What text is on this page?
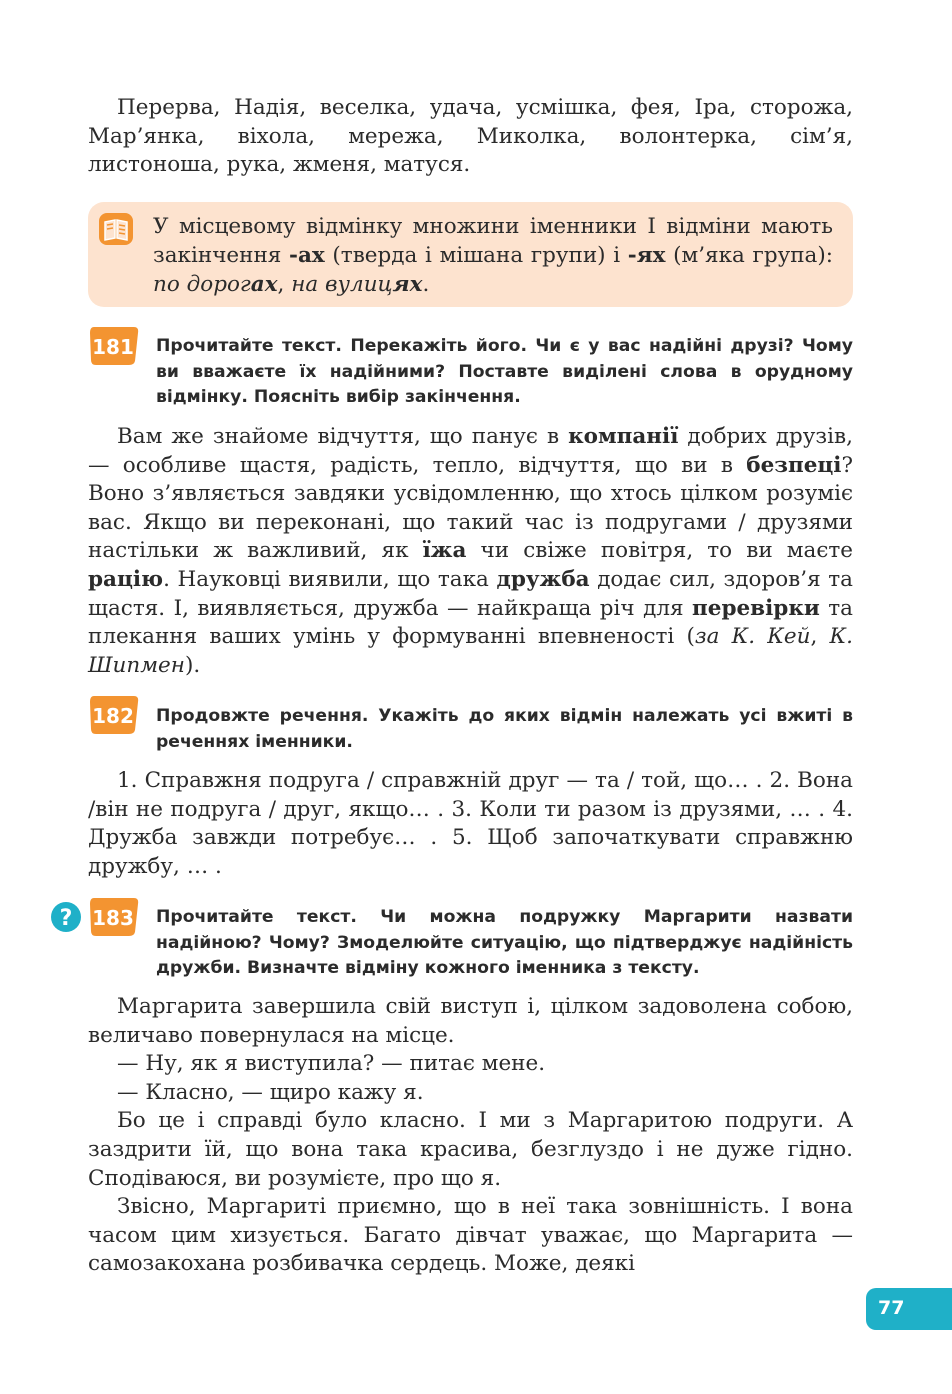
Перерва, Надія, веселка, удача, усмішка, фея, Іра, сторожа, Мар’янка, віхола, мережа, Миколка, волонтерка, сім’я, листоноша, рука, жменя, матуся.

У місцевому відмінку множини іменники І відміни мають закінчення -ах (тверда і мішана групи) і -ях (м’яка група): по дорогах, на вулицях.
181 Прочитайте текст. Перекажіть його. Чи є у вас надійні друзі? Чому ви вважаєте їх надійними? Поставте виділені слова в орудному відмінку. Поясніть вибір закінчення.

Вам же знайоме відчуття, що панує в компанії добрих друзів, — особливе щастя, радість, тепло, відчуття, що ви в безпеці? Воно з’являється завдяки усвідомленню, що хтось цілком розуміє вас. Якщо ви переконані, що такий час із подругами / друзями настільки ж важливий, як їжа чи свіже повітря, то ви маєте рацію. Науковці виявили, що така дружба додає сил, здоров’я та щастя. І, виявляється, дружба — найкраща річ для перевірки та плекання ваших умінь у формуванні впевненості (за К. Кей, К. Шипмен).

182 Продовжте речення. Укажіть до яких відмін належать усі вжиті в реченнях іменники.

1. Справжня подруга / справжній друг — та / той, що… . 2. Вона /він не подруга / друг, якщо… . 3. Коли ти разом із друзями, … . 4. Дружба завжди потребує… . 5. Щоб започаткувати справжню дружбу, … .

? 183 Прочитайте текст. Чи можна подружку Маргарити назвати надійною? Чому? Змоделюйте ситуацію, що підтверджує надійність дружби. Визначте відміну кожного іменника з тексту.

Маргарита завершила свій виступ і, цілком задоволена собою, величаво повернулася на місце.

— Ну, як я виступила? — питає мене.

— Класно, — щиро кажу я.

Бо це і справді було класно. І ми з Маргаритою подруги. А заздрити їй, що вона така красива, безглуздо і не дуже гідно. Сподіваюся, ви розумієте, про що я.

Звісно, Маргариті приємно, що в неї така зовнішність. І вона часом цим хизується. Багато дівчат уважає, що Маргарита — самозакохана розбивачка сердець. Може, деякі

77
